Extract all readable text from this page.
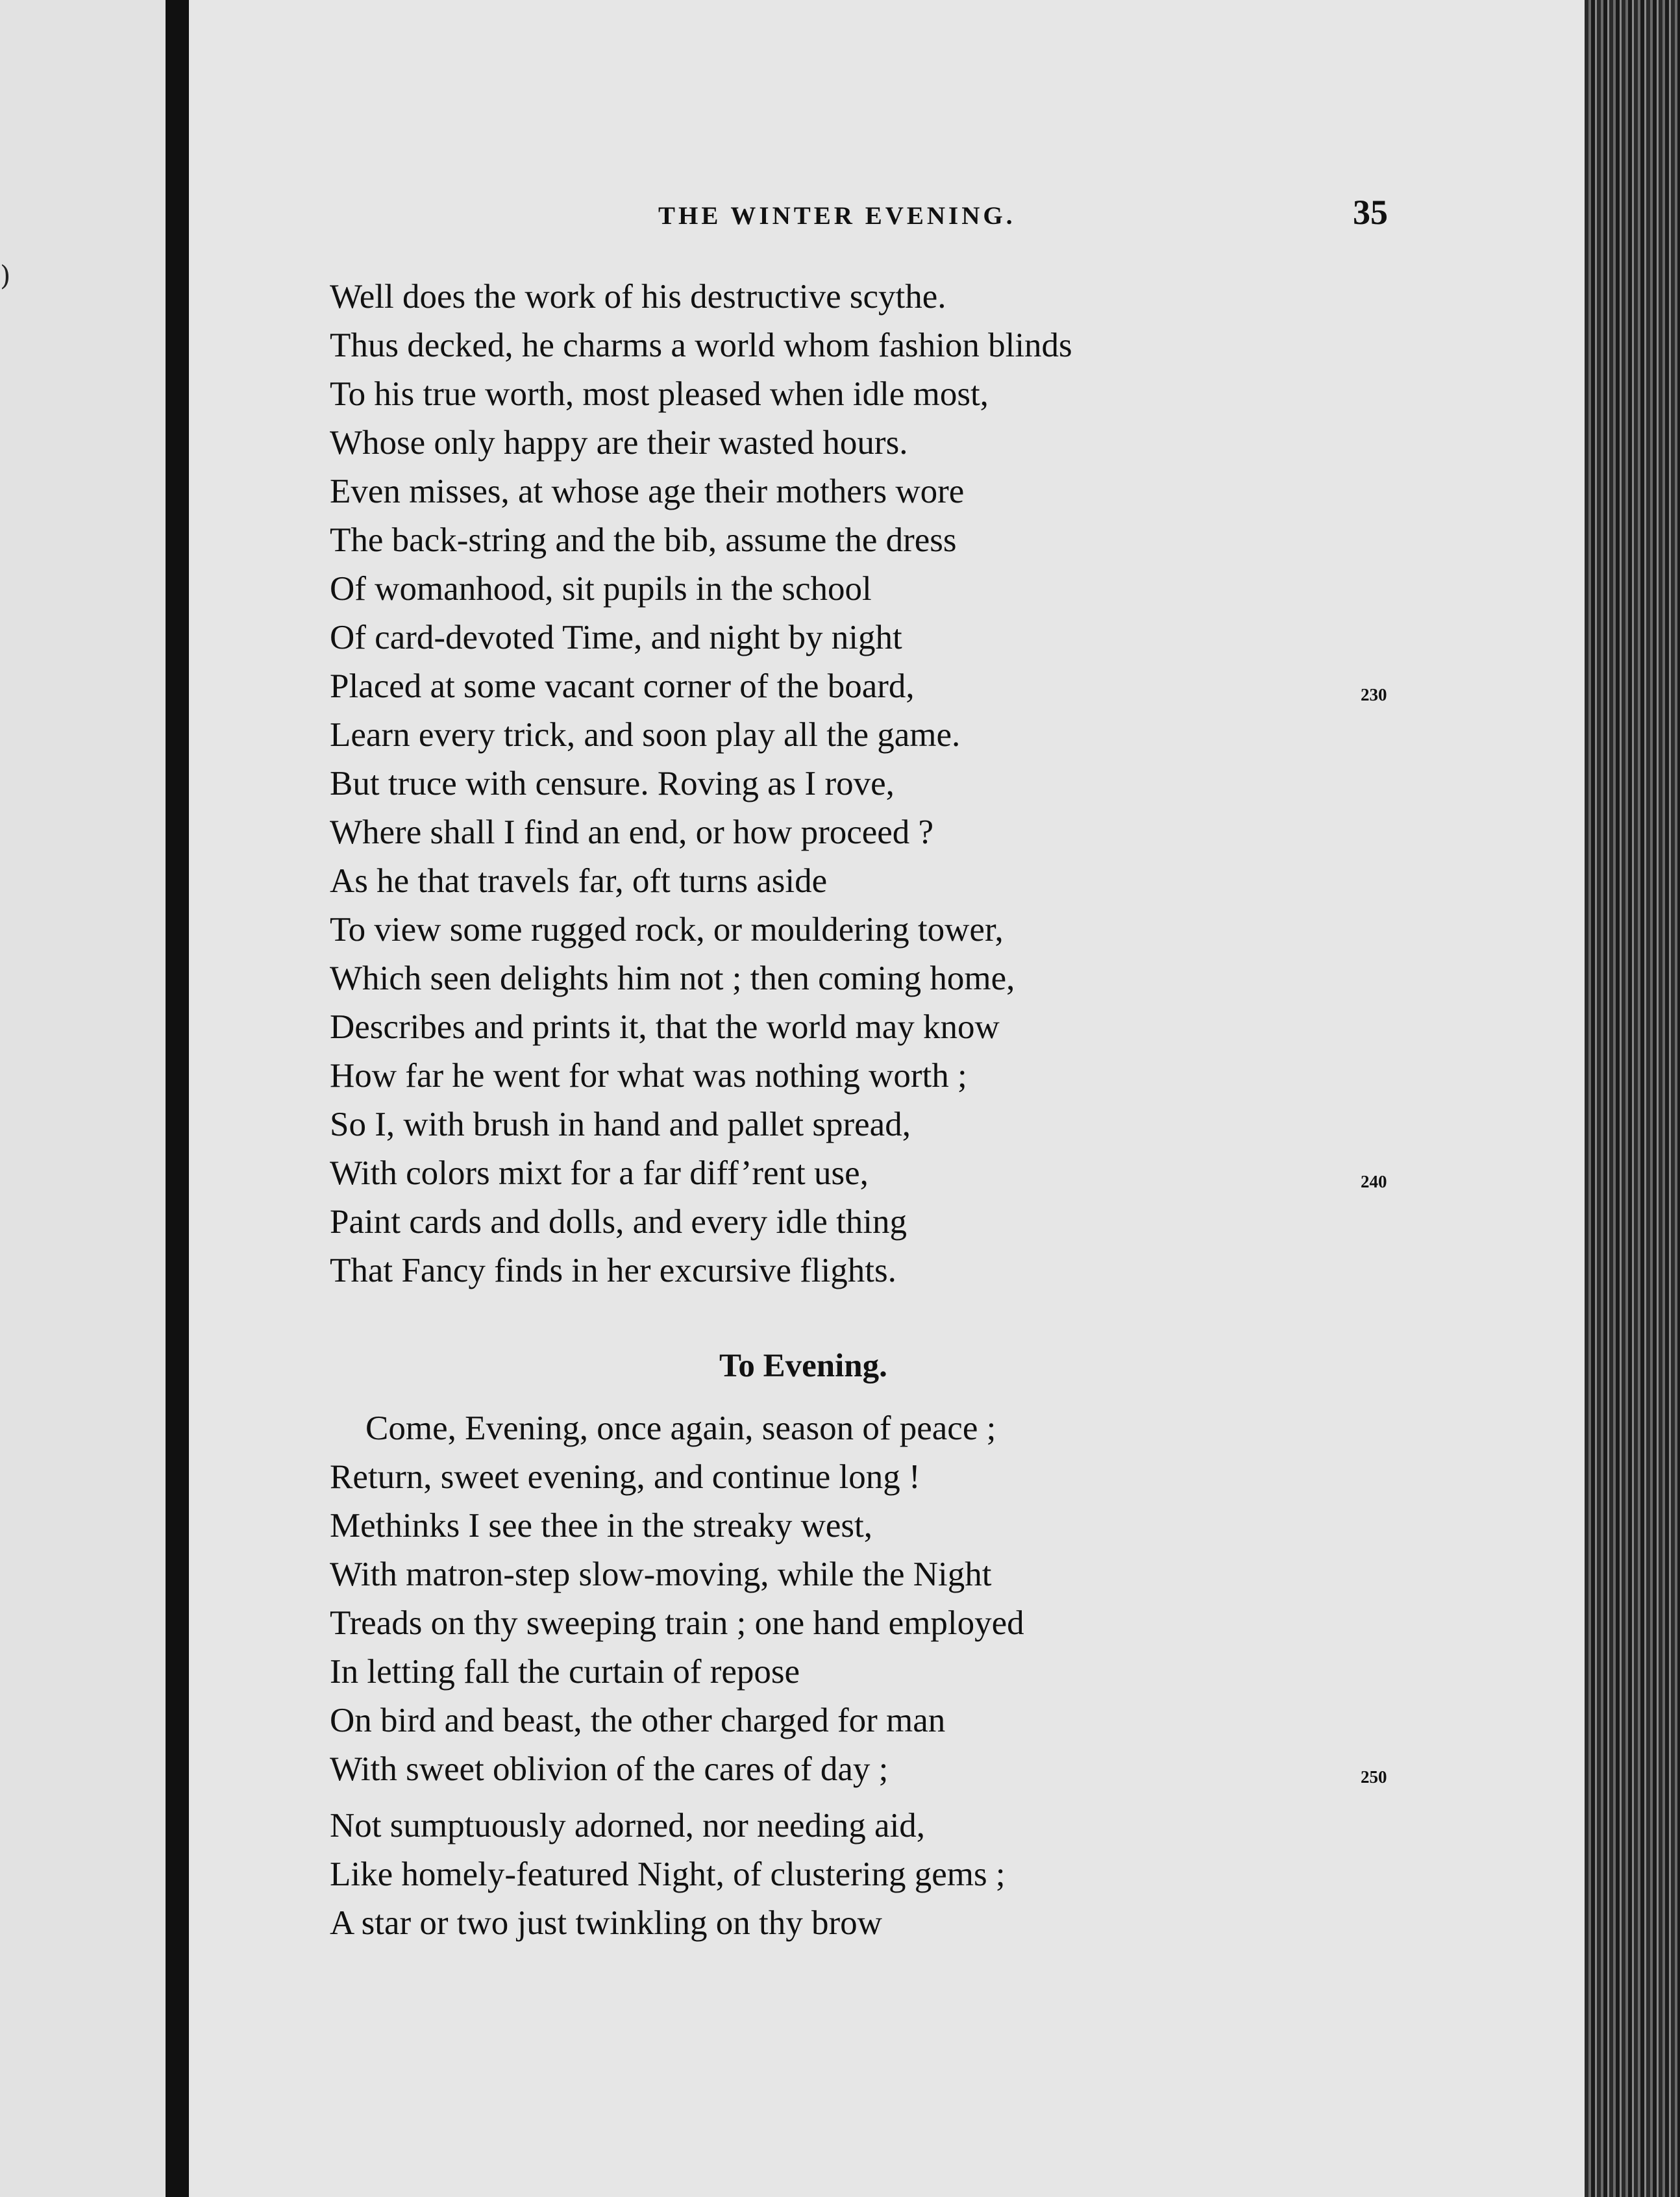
)
THE WINTER EVENING.	35
Well does the work of his destructive scythe.
Thus decked, he charms a world whom fashion blinds
To his true worth, most pleased when idle most,
Whose only happy are their wasted hours.
Even misses, at whose age their mothers wore
The back-string and the bib, assume the dress
Of womanhood, sit pupils in the school
Of card-devoted Time, and night by night
Placed at some vacant corner of the board,
Learn every trick, and soon play all the game.
But truce with censure. Roving as I rove,
Where shall I find an end, or how proceed ?
As he that travels far, oft turns aside
To view some rugged rock, or mouldering tower,
Which seen delights him not ; then coming home,
Describes and prints it, that the world may know
How far he went for what was nothing worth ;
So I, with brush in hand and pallet spread,
With colors mixt for a far diff’rent use,
Paint cards and dolls, and every idle thing
That Fancy finds in her excursive flights.
230
240
To Evening.
Come, Evening, once again, season of peace ;
Return, sweet evening, and continue long !
Methinks I see thee in the streaky west,
With matron-step slow-moving, while the Night
Treads on thy sweeping train ; one hand employed
In letting fall the curtain of repose
On bird and beast, the other charged for man
With sweet oblivion of the cares of day ;
Not sumptuously adorned, nor needing aid,
Like homely-featured Night, of clustering gems ;
A star or two just twinkling on thy brow
250
